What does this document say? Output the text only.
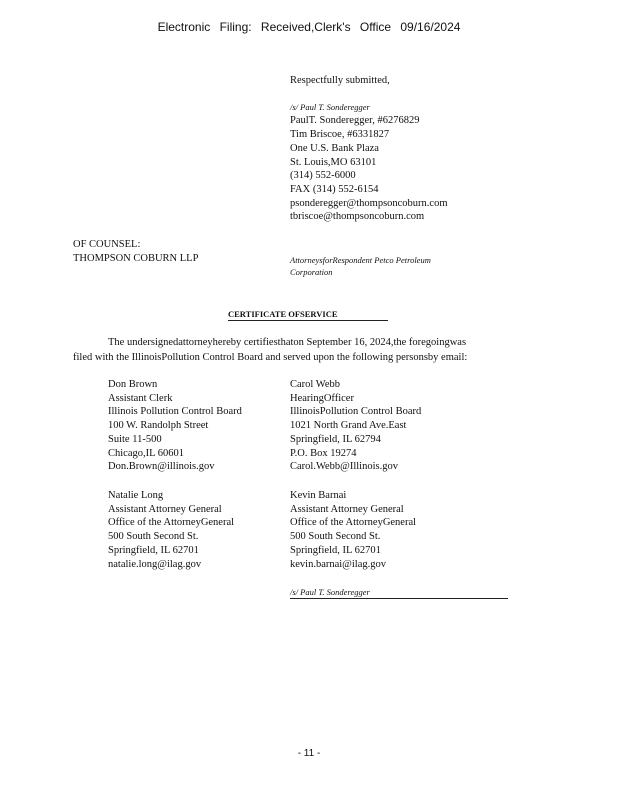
Electronic Filing: Received,Clerk's Office 09/16/2024
Respectfully submitted,
/s/ Paul T. Sonderegger
PaulT. Sonderegger, #6276829
Tim Briscoe, #6331827
One U.S. Bank Plaza
St. Louis,MO 63101
(314) 552-6000
FAX (314) 552-6154
psonderegger@thompsoncoburn.com
tbriscoe@thompsoncoburn.com
OF COUNSEL:
THOMPSON COBURN LLP	AttorneysforRespondent Petco Petroleum
Corporation
CERTIFICATE OFSERVICE
The undersignedattorneyhereby certifiesthaton September 16, 2024,the foregoingwas
filed with the IllinoisPollution Control Board and served upon the following personsby email:
Don Brown
Assistant Clerk
Illinois Pollution Control Board
100 W. Randolph Street
Suite 11-500
Chicago,IL 60601
Don.Brown@illinois.gov
Carol Webb
HearingOfficer
IllinoisPollution Control Board
1021 North Grand Ave.East
Springfield, IL 62794
P.O. Box 19274
Carol.Webb@Illinois.gov
Natalie Long
Assistant Attorney General
Office of the AttorneyGeneral
500 South Second St.
Springfield, IL 62701
natalie.long@ilag.gov
Kevin Barnai
Assistant Attorney General
Office of the AttorneyGeneral
500 South Second St.
Springfield, IL 62701
kevin.barnai@ilag.gov
/s/ Paul T. Sonderegger
- 11 -
